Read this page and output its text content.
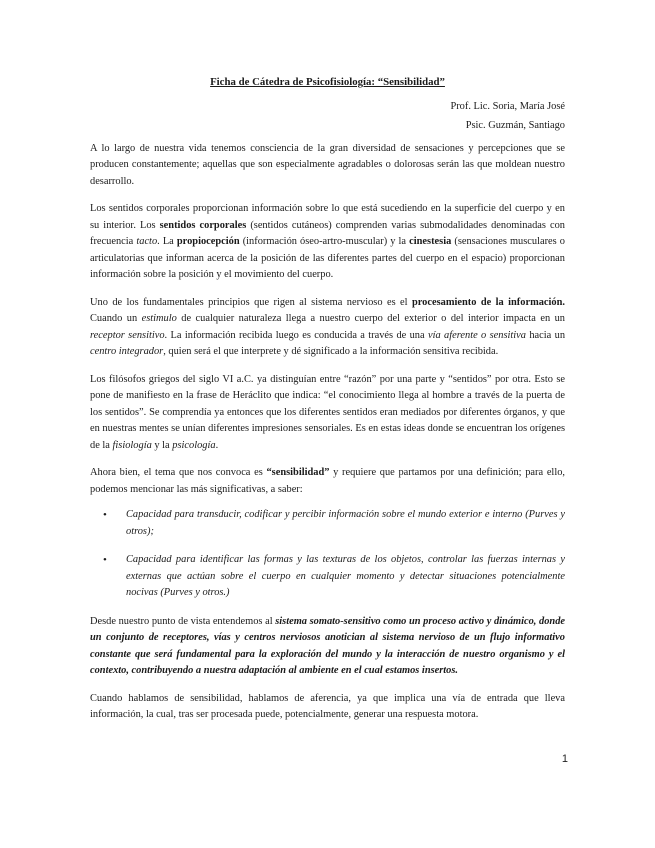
Ficha de Cátedra de Psicofisiología: “Sensibilidad”
Prof. Lic. Soria, María José
Psic. Guzmán, Santiago

A lo largo de nuestra vida tenemos consciencia de la gran diversidad de sensaciones y percepciones que se producen constantemente; aquellas que son especialmente agradables o dolorosas serán las que moldean nuestro desarrollo.

Los sentidos corporales proporcionan información sobre lo que está sucediendo en la superficie del cuerpo y en su interior. Los sentidos corporales (sentidos cutáneos) comprenden varias submodalidades denominadas con frecuencia tacto. La propiocepción (información óseo-artro-muscular) y la cinestesia (sensaciones musculares o articulatorias que informan acerca de la posición de las diferentes partes del cuerpo en el espacio) proporcionan información sobre la posición y el movimiento del cuerpo.

Uno de los fundamentales principios que rigen al sistema nervioso es el procesamiento de la información. Cuando un estimulo de cualquier naturaleza llega a nuestro cuerpo del exterior o del interior impacta en un receptor sensitivo. La información recibida luego es conducida a través de una vía aferente o sensitiva hacia un centro integrador, quien será el que interprete y dé significado a la información sensitiva recibida.

Los filósofos griegos del siglo VI a.C. ya distinguían entre “razón” por una parte y “sentidos” por otra. Esto se pone de manifiesto en la frase de Heráclito que indica: “el conocimiento llega al hombre a través de la puerta de los sentidos”. Se comprendía ya entonces que los diferentes sentidos eran mediados por diferentes órganos, y que en nuestras mentes se unían diferentes impresiones sensoriales. Es en estas ideas donde se encuentran los orígenes de la fisiología y la psicología.

Ahora bien, el tema que nos convoca es “sensibilidad” y requiere que partamos por una definición; para ello, podemos mencionar las más significativas, a saber:

• Capacidad para transducir, codificar y percibir información sobre el mundo exterior e interno (Purves y otros);
• Capacidad para identificar las formas y las texturas de los objetos, controlar las fuerzas internas y externas que actúan sobre el cuerpo en cualquier momento y detectar situaciones potencialmente nocivas (Purves y otros.)

Desde nuestro punto de vista entendemos al sistema somato-sensitivo como un proceso activo y dinámico, donde un conjunto de receptores, vías y centros nerviosos anotician al sistema nervioso de un flujo informativo constante que será fundamental para la exploración del mundo y la interacción de nuestro organismo y el contexto, contribuyendo a nuestra adaptación al ambiente en el cual estamos insertos.

Cuando hablamos de sensibilidad, hablamos de aferencia, ya que implica una vía de entrada que lleva información, la cual, tras ser procesada puede, potencialmente, generar una respuesta motora.

1
